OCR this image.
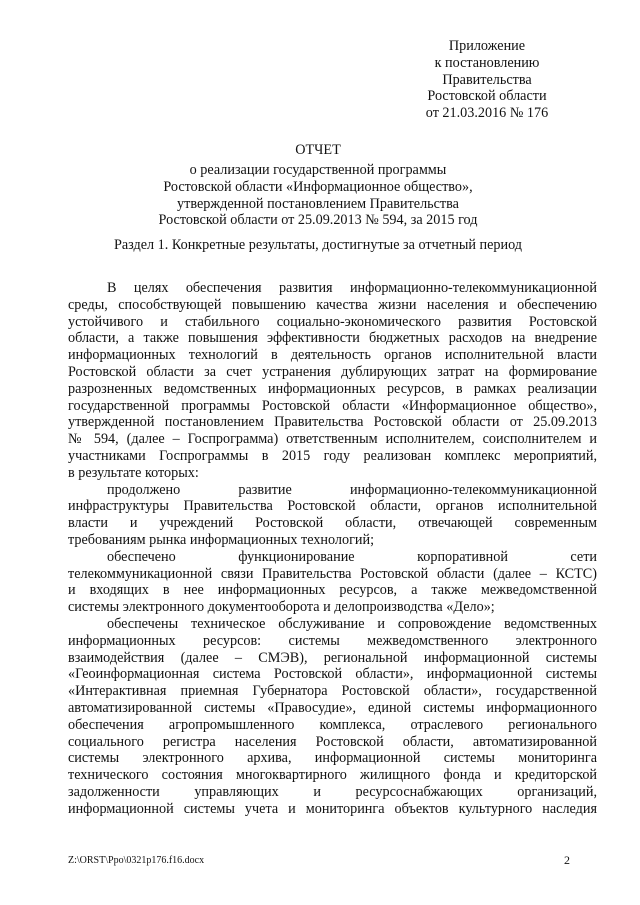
Приложение
к постановлению
Правительства
Ростовской области
от 21.03.2016 № 176
ОТЧЕТ
о реализации государственной программы
Ростовской области «Информационное общество»,
утвержденной постановлением Правительства
Ростовской области от 25.09.2013 № 594, за 2015 год
Раздел 1. Конкретные результаты, достигнутые за отчетный период
В целях обеспечения развития информационно-телекоммуникационной
среды, способствующей повышению качества жизни населения и обеспечению
устойчивого и стабильного социально-экономического развития Ростовской
области, а также повышения эффективности бюджетных расходов на внедрение
информационных технологий в деятельность органов исполнительной власти
Ростовской области за счет устранения дублирующих затрат на формирование
разрозненных ведомственных информационных ресурсов, в рамках реализации
государственной программы Ростовской области «Информационное общество»,
утвержденной постановлением Правительства Ростовской области от 25.09.2013
№ 594, (далее – Госпрограмма) ответственным исполнителем, соисполнителем и
участниками Госпрограммы в 2015 году реализован комплекс мероприятий,
в результате которых:
продолжено развитие информационно-телекоммуникационной
инфраструктуры Правительства Ростовской области, органов исполнительной
власти и учреждений Ростовской области, отвечающей современным
требованиям рынка информационных технологий;
обеспечено функционирование корпоративной сети
телекоммуникационной связи Правительства Ростовской области (далее – КСТС)
и входящих в нее информационных ресурсов, а также межведомственной
системы электронного документооборота и делопроизводства «Дело»;
обеспечены техническое обслуживание и сопровождение ведомственных
информационных ресурсов: системы межведомственного электронного
взаимодействия (далее – СМЭВ), региональной информационной системы
«Геоинформационная система Ростовской области», информационной системы
«Интерактивная приемная Губернатора Ростовской области», государственной
автоматизированной системы «Правосудие», единой системы информационного
обеспечения агропромышленного комплекса, отраслевого регионального
социального регистра населения Ростовской области, автоматизированной
системы электронного архива, информационной системы мониторинга
технического состояния многоквартирного жилищного фонда и кредиторской
задолженности управляющих и ресурсоснабжающих организаций,
информационной системы учета и мониторинга объектов культурного наследия
Z:\ORST\Ppo\0321p176.f16.docx	2
